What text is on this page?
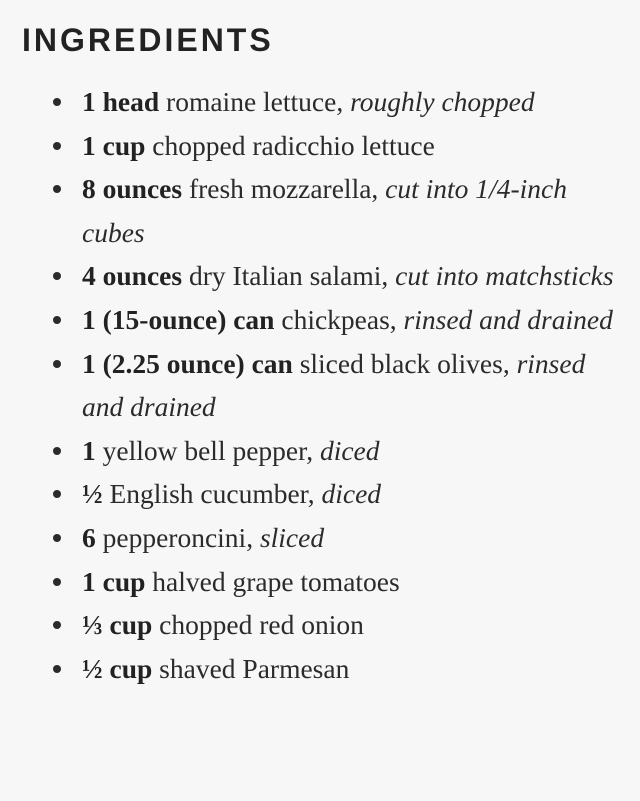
INGREDIENTS
1 head romaine lettuce, roughly chopped
1 cup chopped radicchio lettuce
8 ounces fresh mozzarella, cut into 1/4-inch cubes
4 ounces dry Italian salami, cut into matchsticks
1 (15-ounce) can chickpeas, rinsed and drained
1 (2.25 ounce) can sliced black olives, rinsed and drained
1 yellow bell pepper, diced
½ English cucumber, diced
6 pepperoncini, sliced
1 cup halved grape tomatoes
⅓ cup chopped red onion
½ cup shaved Parmesan
